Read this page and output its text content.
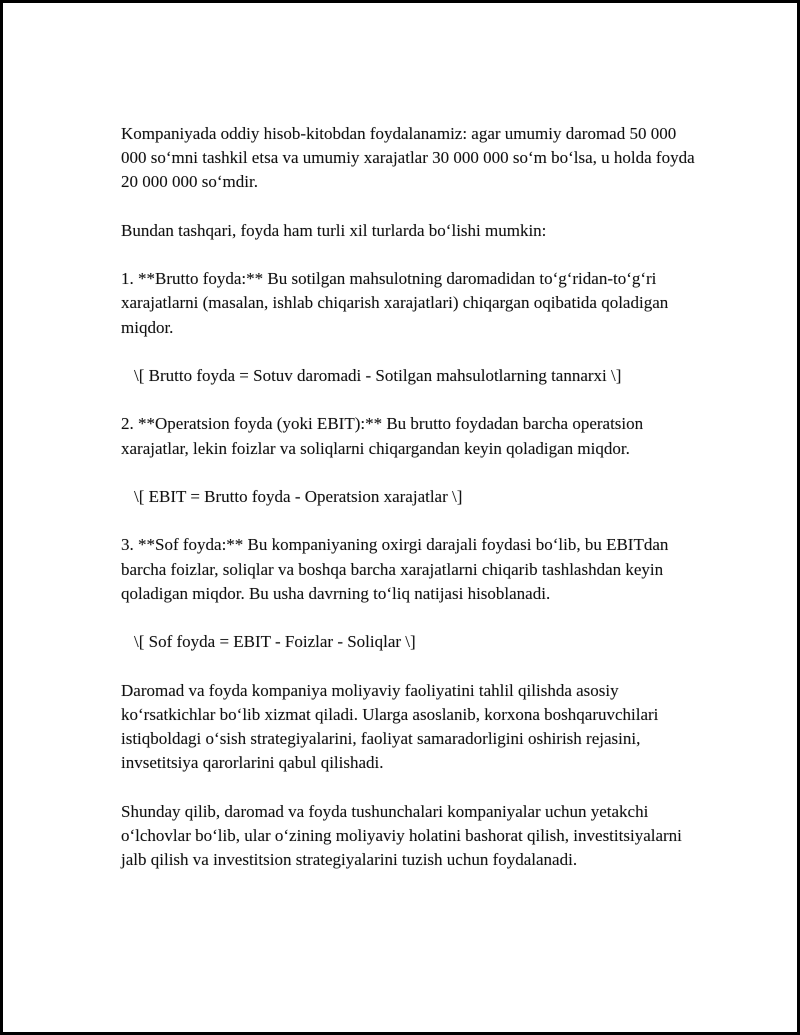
Kompaniyada oddiy hisob-kitobdan foydalanamiz: agar umumiy daromad 50 000 000 so‘mni tashkil etsa va umumiy xarajatlar 30 000 000 so‘m bo‘lsa, u holda foyda 20 000 000 so‘mdir.

Bundan tashqari, foyda ham turli xil turlarda bo‘lishi mumkin:

1. **Brutto foyda:** Bu sotilgan mahsulotning daromadidan to‘g‘ridan-to‘g‘ri xarajatlarni (masalan, ishlab chiqarish xarajatlari) chiqargan oqibatida qoladigan miqdor.

\[ Brutto foyda = Sotuv daromadi - Sotilgan mahsulotlarning tannarxi \]

2. **Operatsion foyda (yoki EBIT):** Bu brutto foydadan barcha operatsion xarajatlar, lekin foizlar va soliqlarni chiqargandan keyin qoladigan miqdor.

\[ EBIT = Brutto foyda - Operatsion xarajatlar \]

3. **Sof foyda:** Bu kompaniyaning oxirgi darajali foydasi bo‘lib, bu EBITdan barcha foizlar, soliqlar va boshqa barcha xarajatlarni chiqarib tashlashdan keyin qoladigan miqdor. Bu usha davrning to‘liq natijasi hisoblanadi.

\[ Sof foyda = EBIT - Foizlar - Soliqlar \]

Daromad va foyda kompaniya moliyaviy faoliyatini tahlil qilishda asosiy ko‘rsatkichlar bo‘lib xizmat qiladi. Ularga asoslanib, korxona boshqaruvchilari istiqboldagi o‘sish strategiyalarini, faoliyat samaradorligini oshirish rejasini, invsetitsiya qarorlarini qabul qilishadi.

Shunday qilib, daromad va foyda tushunchalari kompaniyalar uchun yetakchi o‘lchovlar bo‘lib, ular o‘zining moliyaviy holatini bashorat qilish, investitsiyalarni jalb qilish va investitsion strategiyalarini tuzish uchun foydalanadi.
